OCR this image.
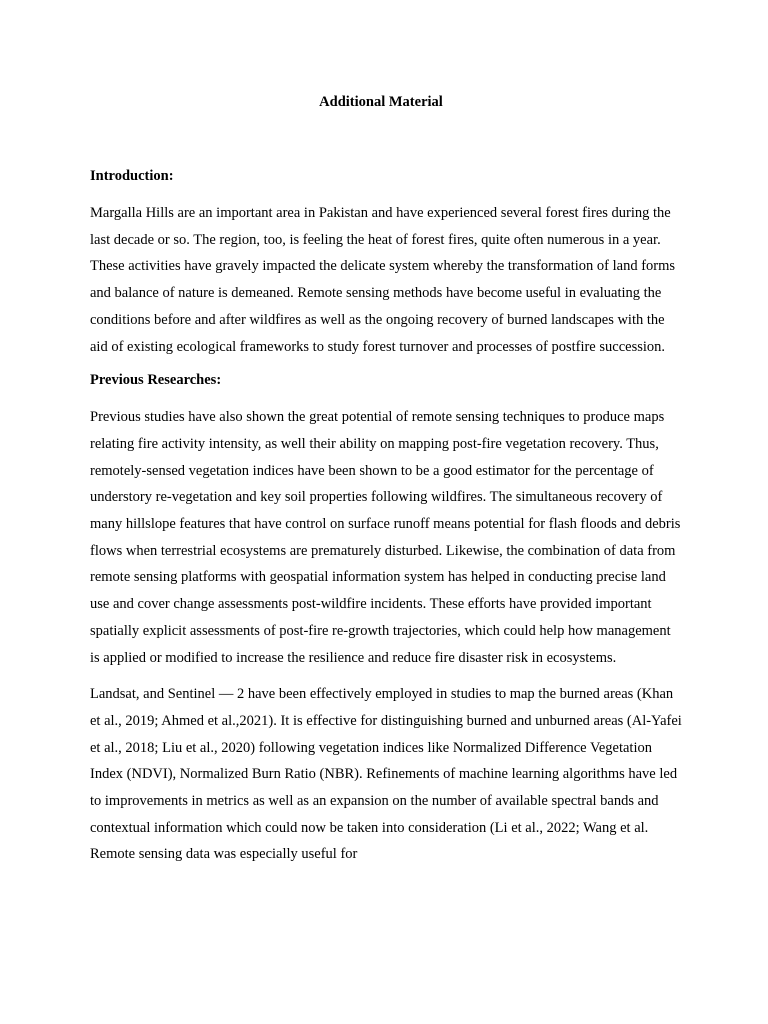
Additional Material
Introduction:

Margalla Hills are an important area in Pakistan and have experienced several forest fires during the last decade or so. The region, too, is feeling the heat of forest fires, quite often numerous in a year. These activities have gravely impacted the delicate system whereby the transformation of land forms and balance of nature is demeaned. Remote sensing methods have become useful in evaluating the conditions before and after wildfires as well as the ongoing recovery of burned landscapes with the aid of existing ecological frameworks to study forest turnover and processes of postfire succession.

Previous Researches:

Previous studies have also shown the great potential of remote sensing techniques to produce maps relating fire activity intensity, as well their ability on mapping post-fire vegetation recovery. Thus, remotely-sensed vegetation indices have been shown to be a good estimator for the percentage of understory re-vegetation and key soil properties following wildfires. The simultaneous recovery of many hillslope features that have control on surface runoff means potential for flash floods and debris flows when terrestrial ecosystems are prematurely disturbed. Likewise, the combination of data from remote sensing platforms with geospatial information system has helped in conducting precise land use and cover change assessments post-wildfire incidents. These efforts have provided important spatially explicit assessments of post-fire re-growth trajectories, which could help how management is applied or modified to increase the resilience and reduce fire disaster risk in ecosystems.

Landsat, and Sentinel — 2 have been effectively employed in studies to map the burned areas (Khan et al., 2019; Ahmed et al.,2021). It is effective for distinguishing burned and unburned areas (Al-Yafei et al., 2018; Liu et al., 2020) following vegetation indices like Normalized Difference Vegetation Index (NDVI), Normalized Burn Ratio (NBR). Refinements of machine learning algorithms have led to improvements in metrics as well as an expansion on the number of available spectral bands and contextual information which could now be taken into consideration (Li et al., 2022; Wang et al. Remote sensing data was especially useful for
